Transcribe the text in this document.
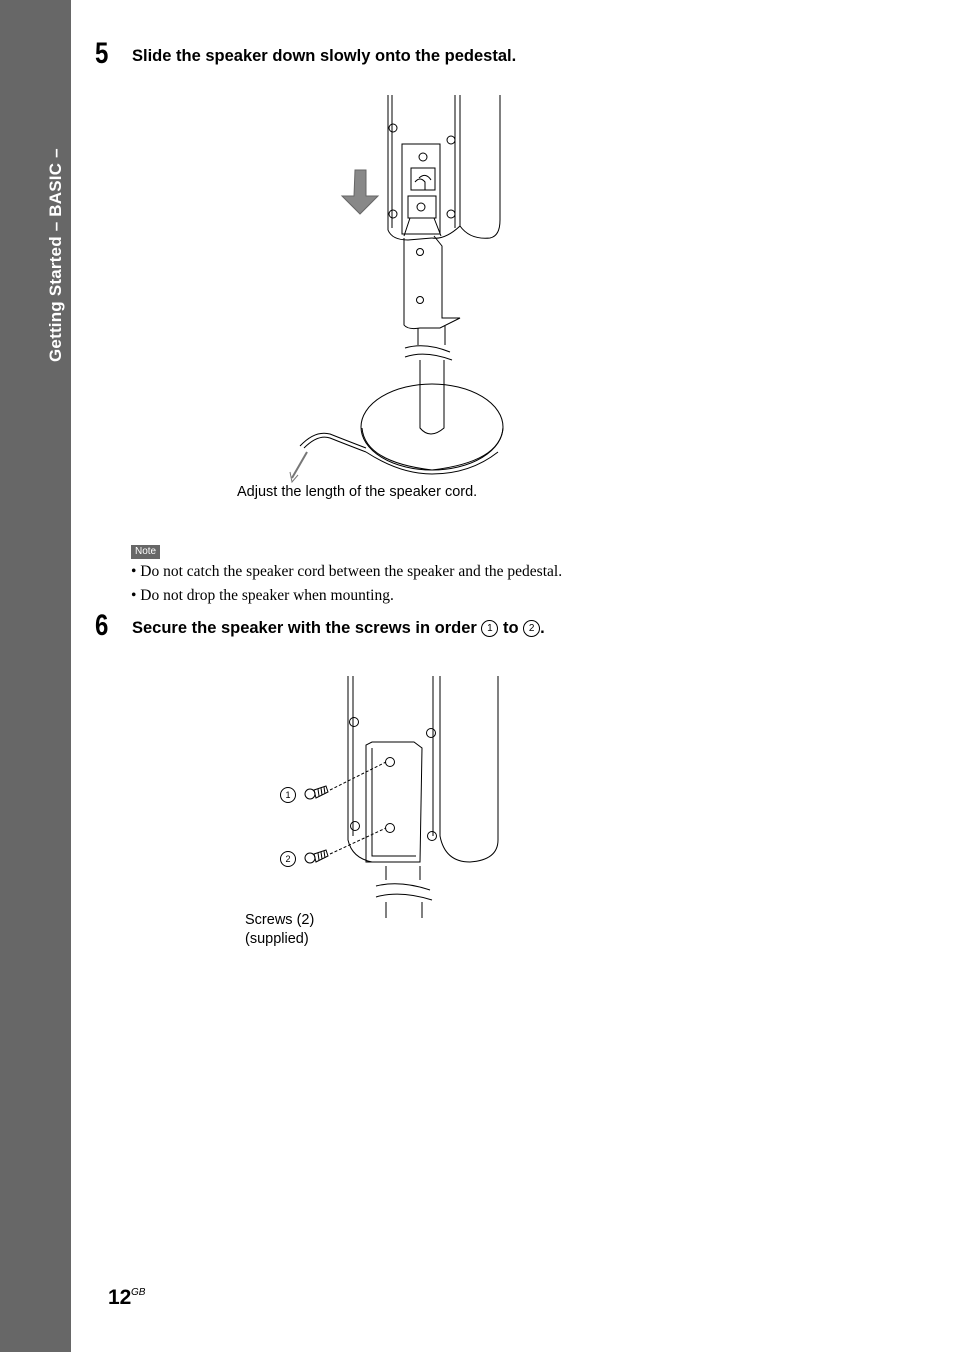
Getting Started – BASIC –
5 Slide the speaker down slowly onto the pedestal.
Adjust the length of the speaker cord.
Note
• Do not catch the speaker cord between the speaker and the pedestal.
• Do not drop the speaker when mounting.
6 Secure the speaker with the screws in order 1 to 2 .
1
2
Screws (2)
(supplied)
12 GB
